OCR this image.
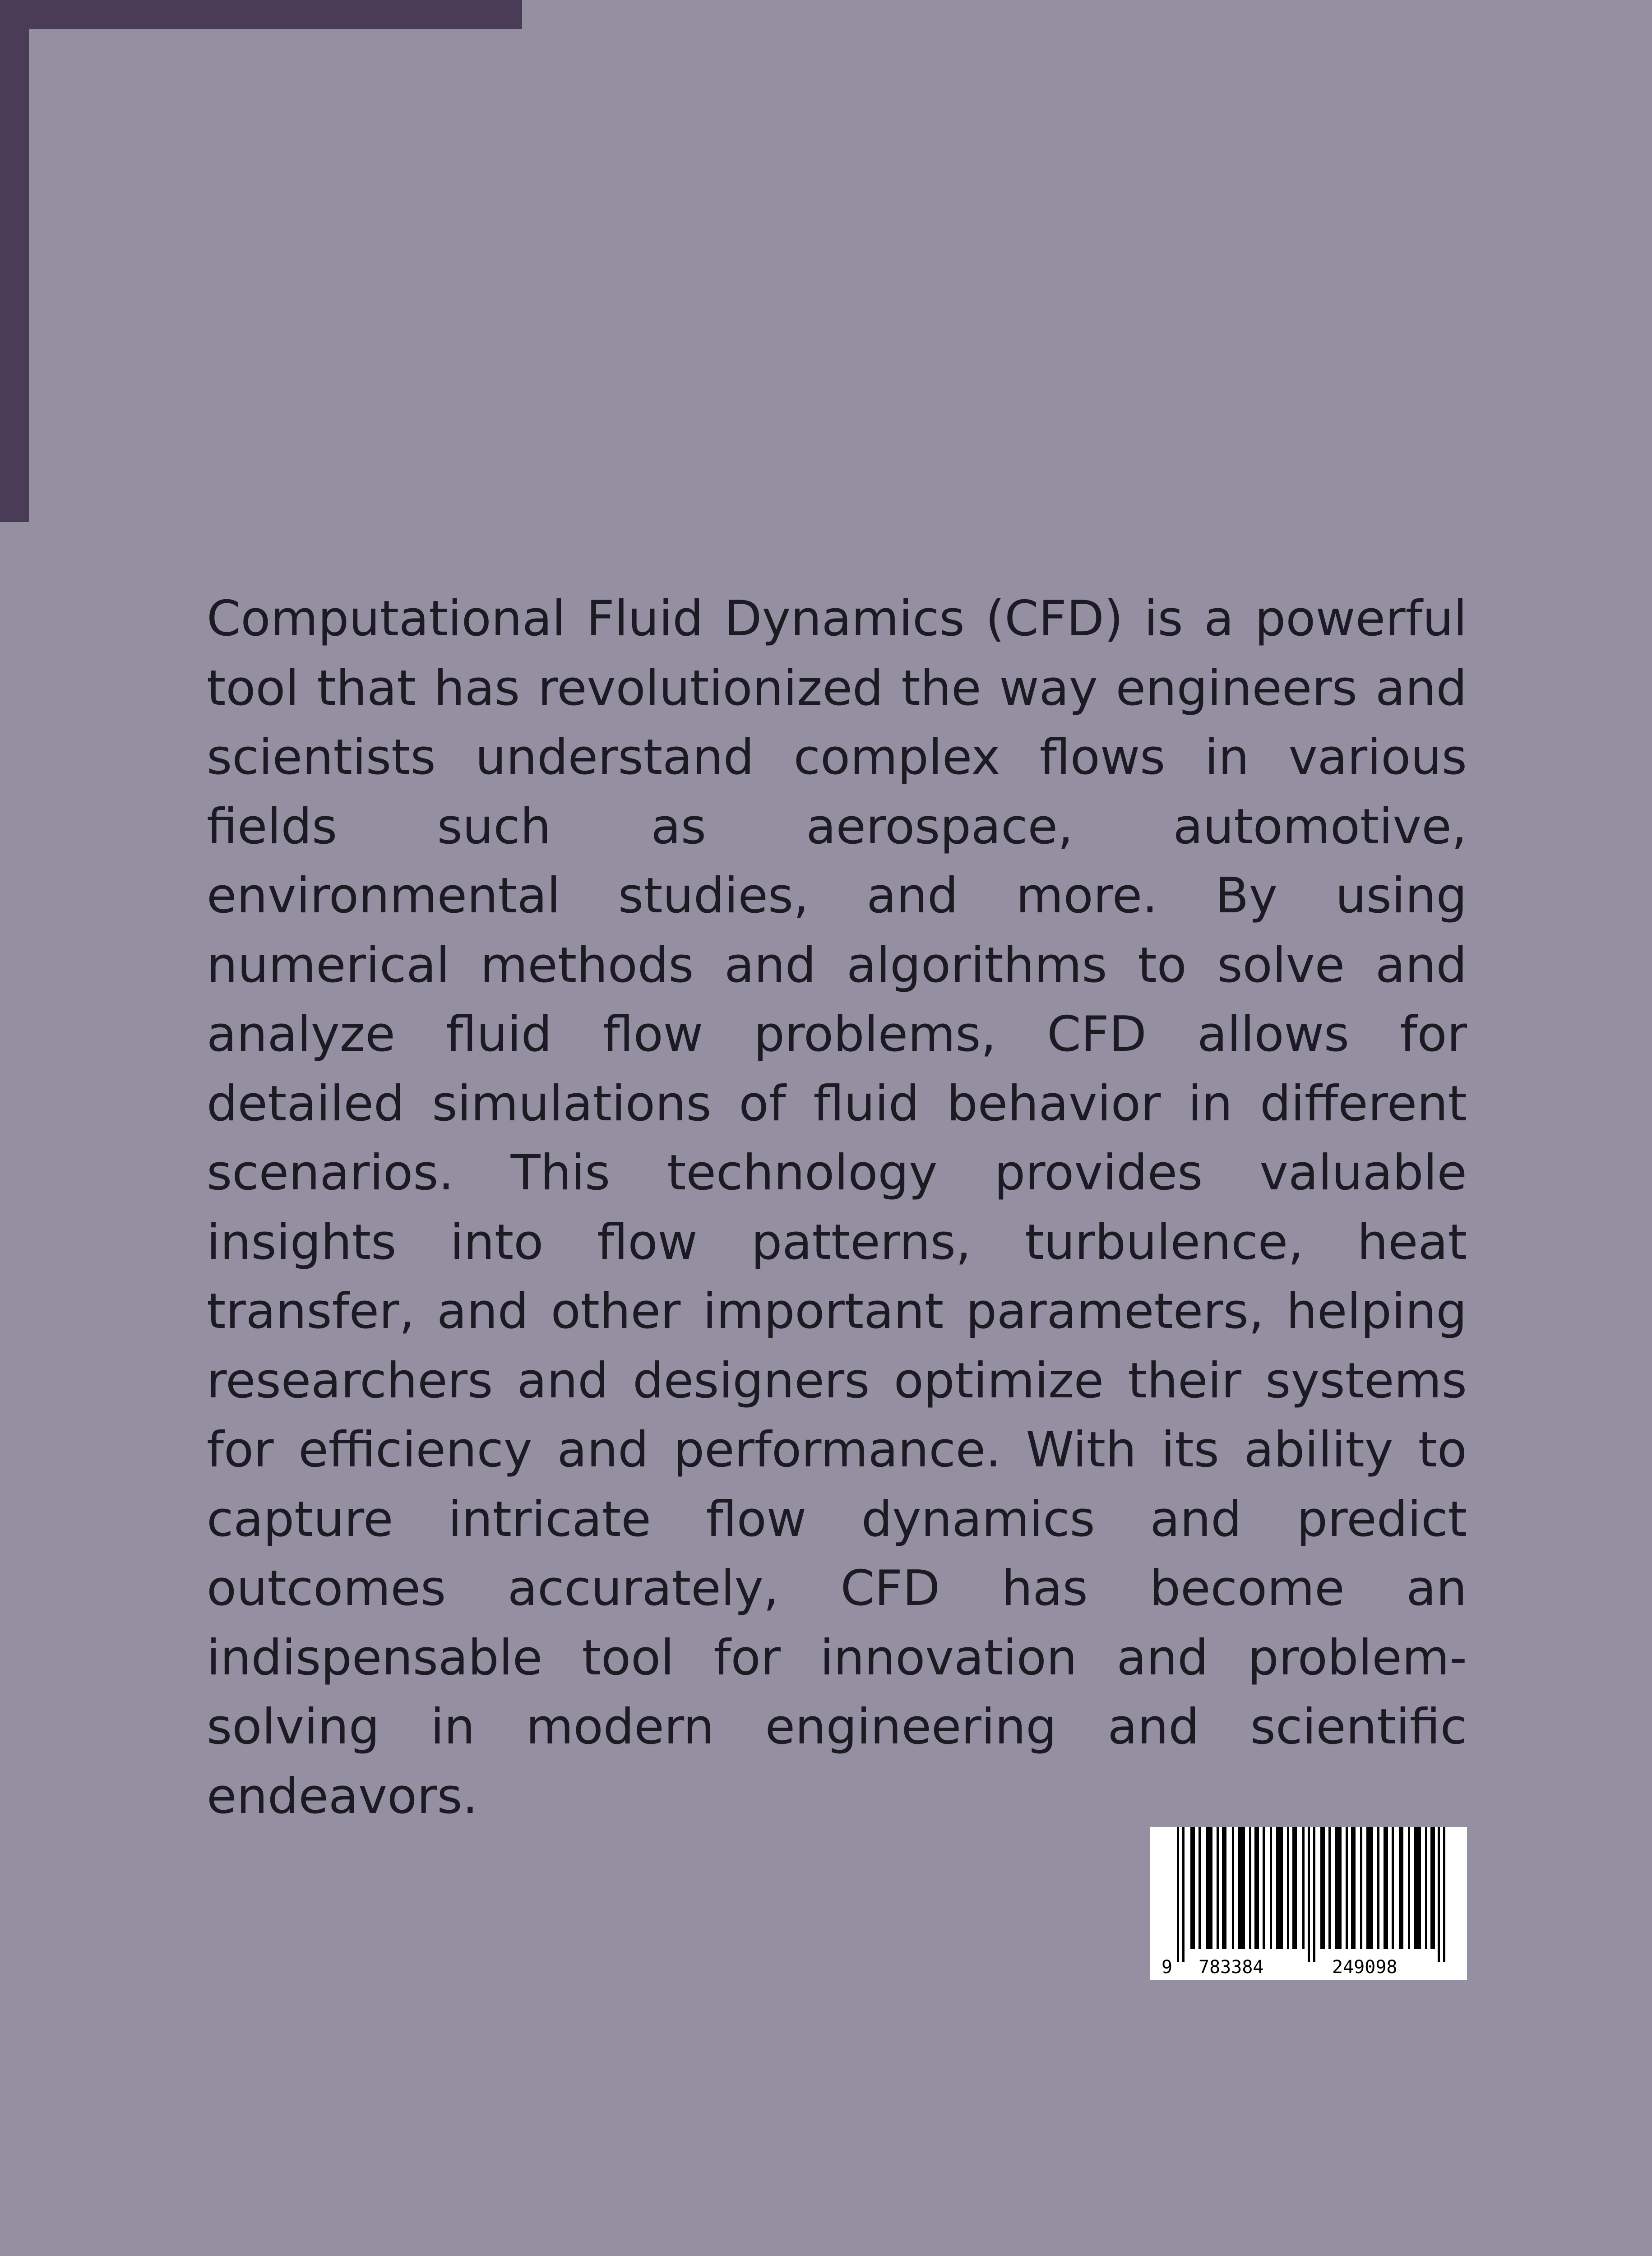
Computational Fluid Dynamics (CFD) is a powerful tool that has revolutionized the way engineers and scientists understand complex flows in various fields such as aerospace, automotive, environmental studies, and more. By using numerical methods and algorithms to solve and analyze fluid flow problems, CFD allows for detailed simulations of fluid behavior in different scenarios. This technology provides valuable insights into flow patterns, turbulence, heat transfer, and other important parameters, helping researchers and designers optimize their systems for efficiency and performance. With its ability to capture intricate flow dynamics and predict outcomes accurately, CFD has become an indispensable tool for innovation and problem-solving in modern engineering and scientific endeavors.

9 783384	249098
